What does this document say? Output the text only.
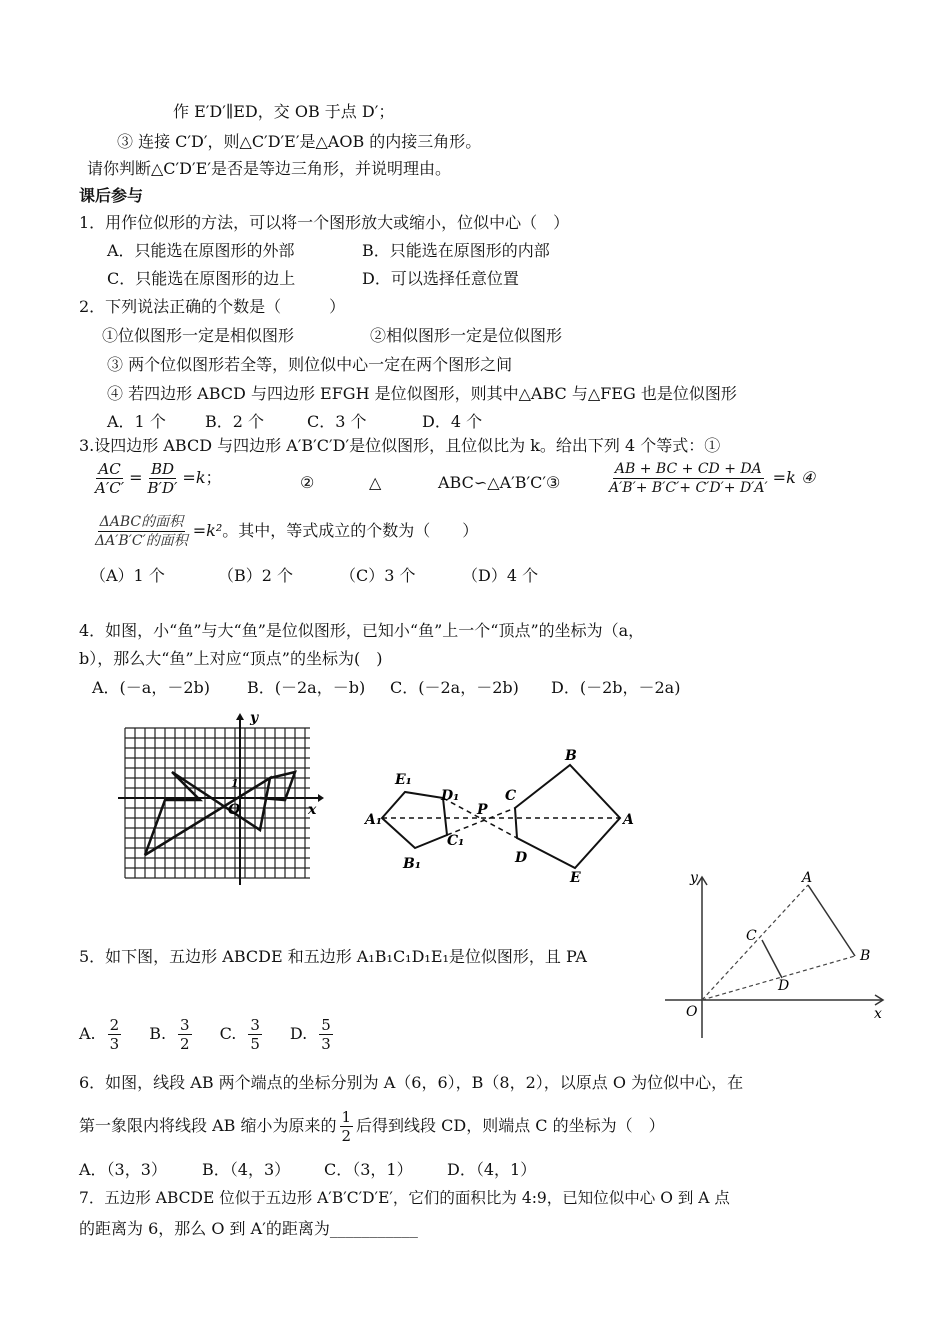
作 E′D′∥ED，交 OB 于点 D′；
③ 连接 C′D′，则△C′D′E′是△AOB 的内接三角形。
请你判断△C′D′E′是否是等边三角形，并说明理由。
课后参与
1．用作位似形的方法，可以将一个图形放大或缩小，位似中心（　）
A．只能选在原图形的外部	B．只能选在原图形的内部
C．只能选在原图形的边上	D．可以选择任意位置
2．下列说法正确的个数是（　　　）
①位似图形一定是相似图形	②相似图形一定是位似图形
③ 两个位似图形若全等，则位似中心一定在两个图形之间
④ 若四边形 ABCD 与四边形 EFGH 是位似图形，则其中△ABC 与△FEG 也是位似图形
A．1 个 B．2 个	C．3 个	D．4 个
3.设四边形 ABCD 与四边形 A′B′C′D′是位似图形，且位似比为 k。给出下列 4 个等式：①
$\frac{AC}{A'C'} = \frac{BD}{B'D'} =k$；	②	△	ABC∽△A′B′C′③	$\frac{AB + BC + CD + DA}{A'B'+ B'C'+ C'D'+ D'A'} =k$ ④
$\frac{\text{ΔABC的面积}}{\text{ΔA′B′C′的面积}} =k^2$。其中，等式成立的个数为（　　）
（A）1 个	（B）2 个	（C）3 个	（D）4 个
4．如图，小“鱼”与大“鱼”是位似图形，已知小“鱼”上一个“顶点”的坐标为（a，
b），那么大“鱼”上对应“顶点”的坐标为(　)
A．(－a，－2b) B．(－2a，－b) C．(－2a，－2b) D．(－2b，－2a)
y
x
O
1	E₁
D₁
P
C
B
A₁
C₁
A
B₁	D
E	y	A
C
B
D
O	x
5．如下图，五边形 ABCDE 和五边形 A₁B₁C₁D₁E₁是位似图形，且 PA
A. $\frac{2}{3} B$. $\frac{3}{2} C$. $\frac{3}{5} D$. $\frac{5}{3}$
6．如图，线段 AB 两个端点的坐标分别为 A（6，6），B（8，2），以原点 O 为位似中心，在
第一象限内将线段 AB 缩小为原来的 $\frac{1}{2}$ 后得到线段 CD，则端点 C 的坐标为（　）
A．（3，3） B．（4，3） C．（3，1） D．（4，1）
7．五边形 ABCDE 位似于五边形 A′B′C′D′E′，它们的面积比为 4:9，已知位似中心 O 到 A 点
的距离为 6，那么 O 到 A′的距离为___________
